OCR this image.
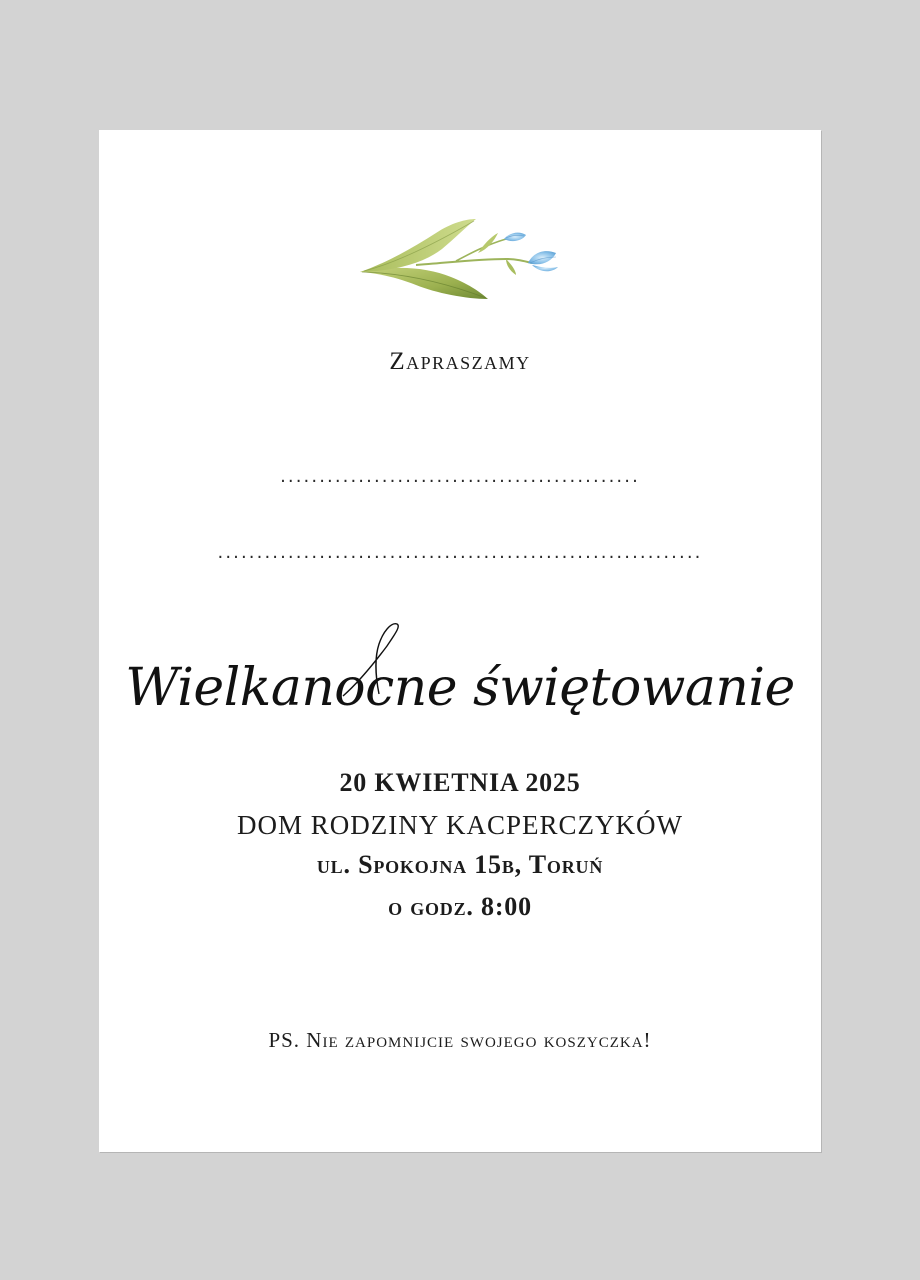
Zapraszamy
..............................................
..............................................................
Wielkanocne świętowanie
20 KWIETNIA 2025
DOM RODZINY KACPERCZYKÓW
ul. Spokojna 15b, Toruń
o godz. 8:00
PS. Nie zapomnijcie swojego koszyczka!
